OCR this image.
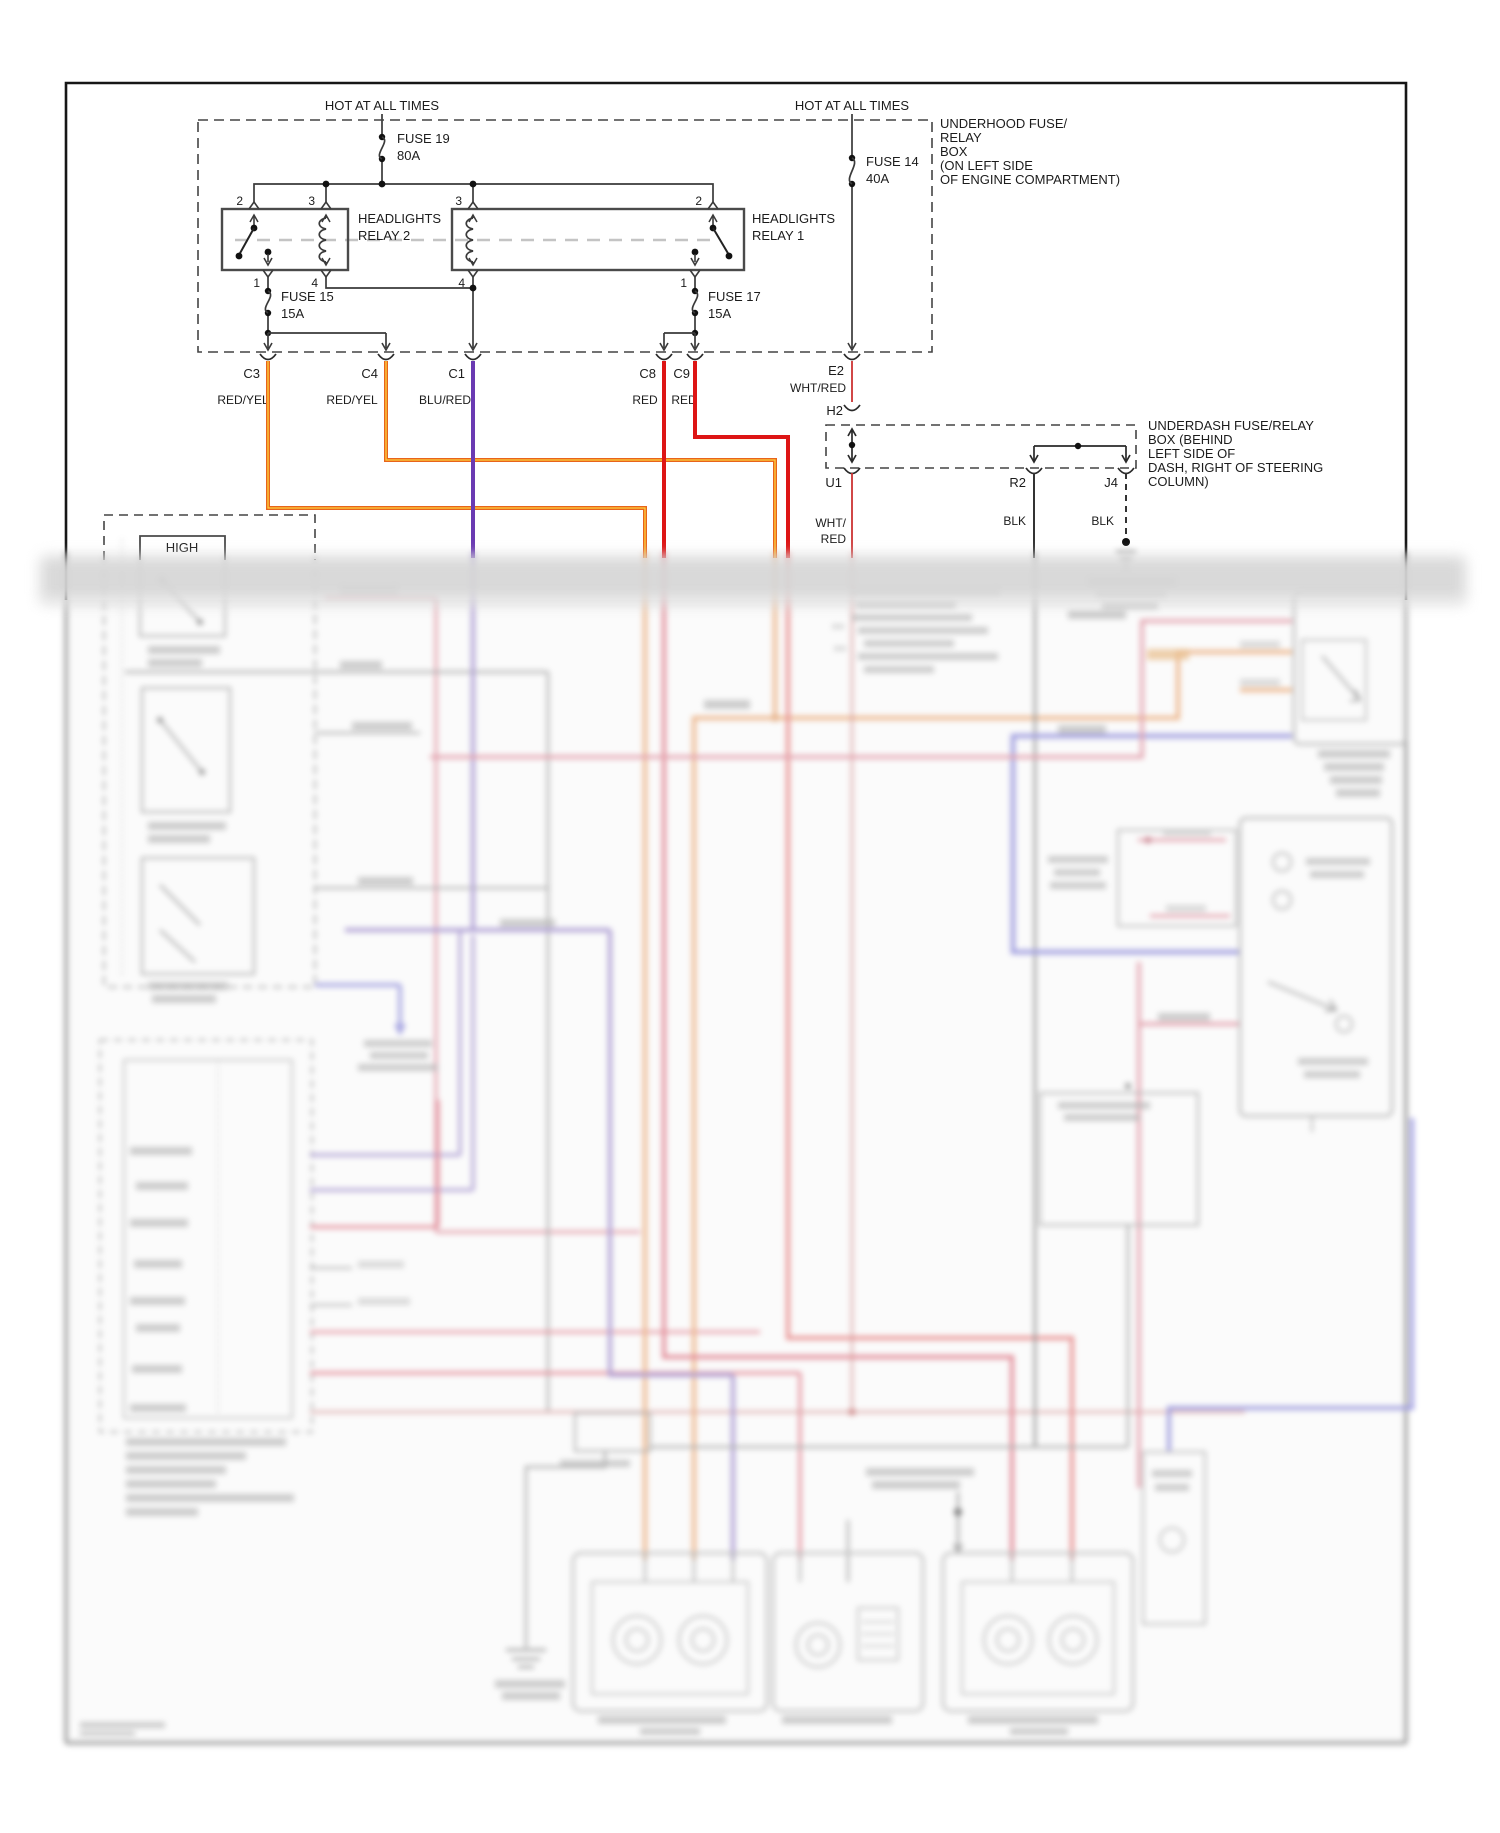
HOT AT ALL TIMES
FUSE 19
80A
HOT AT ALL TIMES
FUSE 14
40A
UNDERHOOD FUSE/
RELAY
BOX
(ON LEFT SIDE
OF ENGINE COMPARTMENT)
2	3
1	4
HEADLIGHTS
RELAY 2
3	2
4	1
HEADLIGHTS
RELAY 1
FUSE 15
15A
FUSE 17
15A
C3	C4	C1	C8 C9	E2
RED/YEL	RED/YEL	BLU/RED	RED RED
WHT/RED
H2
UNDERDASH FUSE/RELAY
BOX (BEHIND
LEFT SIDE OF
DASH, RIGHT OF STEERING
COLUMN)
U1	R2	J4
WHT/
RED
BLK	BLK
HIGH
